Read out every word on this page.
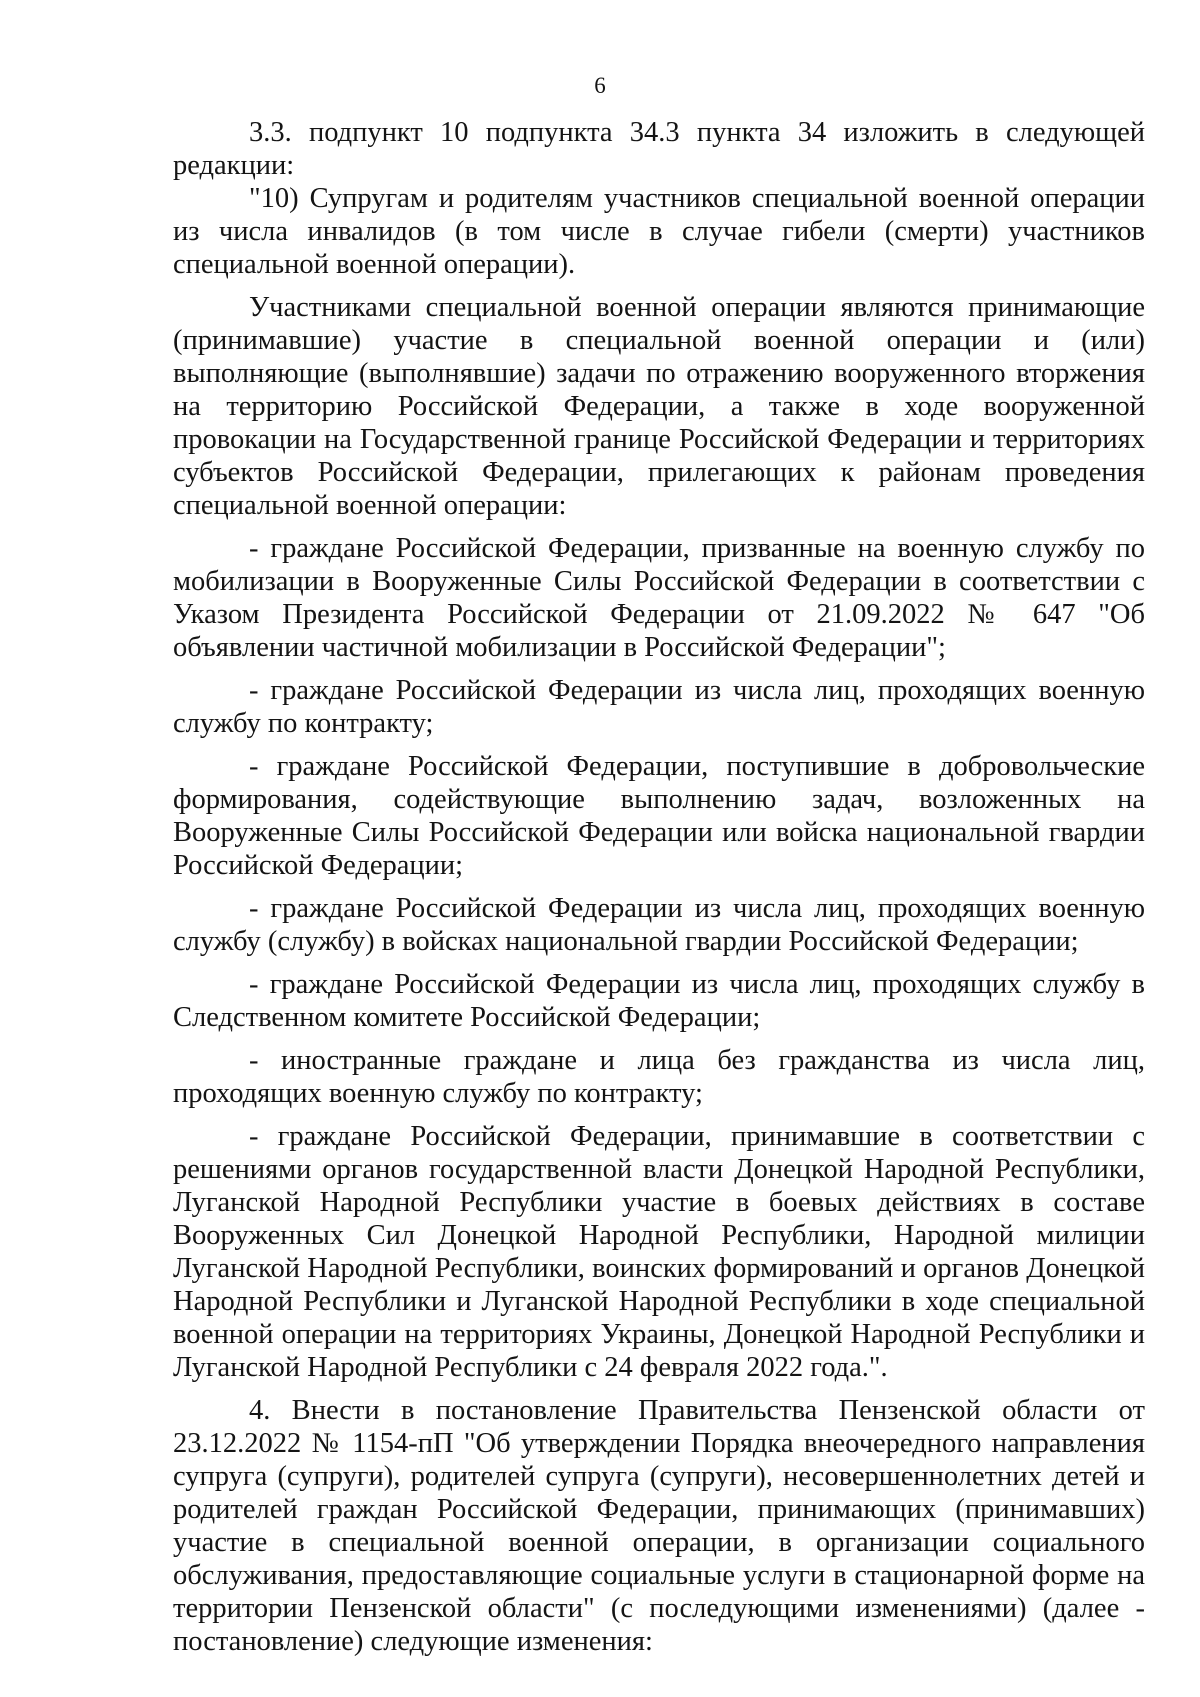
6

3.3. подпункт 10 подпункта 34.3 пункта 34 изложить в следующей редакции:

"10) Супругам и родителям участников специальной военной операции из числа инвалидов (в том числе в случае гибели (смерти) участников специальной военной операции).

Участниками специальной военной операции являются принимающие (принимавшие) участие в специальной военной операции и (или) выполняющие (выполнявшие) задачи по отражению вооруженного вторжения на территорию Российской Федерации, а также в ходе вооруженной провокации на Государственной границе Российской Федерации и территориях субъектов Российской Федерации, прилегающих к районам проведения специальной военной операции:

- граждане Российской Федерации, призванные на военную службу по мобилизации в Вооруженные Силы Российской Федерации в соответствии с Указом Президента Российской Федерации от 21.09.2022 № 647 "Об объявлении частичной мобилизации в Российской Федерации";

- граждане Российской Федерации из числа лиц, проходящих военную службу по контракту;

- граждане Российской Федерации, поступившие в добровольческие формирования, содействующие выполнению задач, возложенных на Вооруженные Силы Российской Федерации или войска национальной гвардии Российской Федерации;

- граждане Российской Федерации из числа лиц, проходящих военную службу (службу) в войсках национальной гвардии Российской Федерации;

- граждане Российской Федерации из числа лиц, проходящих службу в Следственном комитете Российской Федерации;

- иностранные граждане и лица без гражданства из числа лиц, проходящих военную службу по контракту;

- граждане Российской Федерации, принимавшие в соответствии с решениями органов государственной власти Донецкой Народной Республики, Луганской Народной Республики участие в боевых действиях в составе Вооруженных Сил Донецкой Народной Республики, Народной милиции Луганской Народной Республики, воинских формирований и органов Донецкой Народной Республики и Луганской Народной Республики в ходе специальной военной операции на территориях Украины, Донецкой Народной Республики и Луганской Народной Республики с 24 февраля 2022 года.".

4. Внести в постановление Правительства Пензенской области от 23.12.2022 № 1154-пП "Об утверждении Порядка внеочередного направления супруга (супруги), родителей супруга (супруги), несовершеннолетних детей и родителей граждан Российской Федерации, принимающих (принимавших) участие в специальной военной операции, в организации социального обслуживания, предоставляющие социальные услуги в стационарной форме на территории Пензенской области" (с последующими изменениями) (далее - постановление) следующие изменения:
